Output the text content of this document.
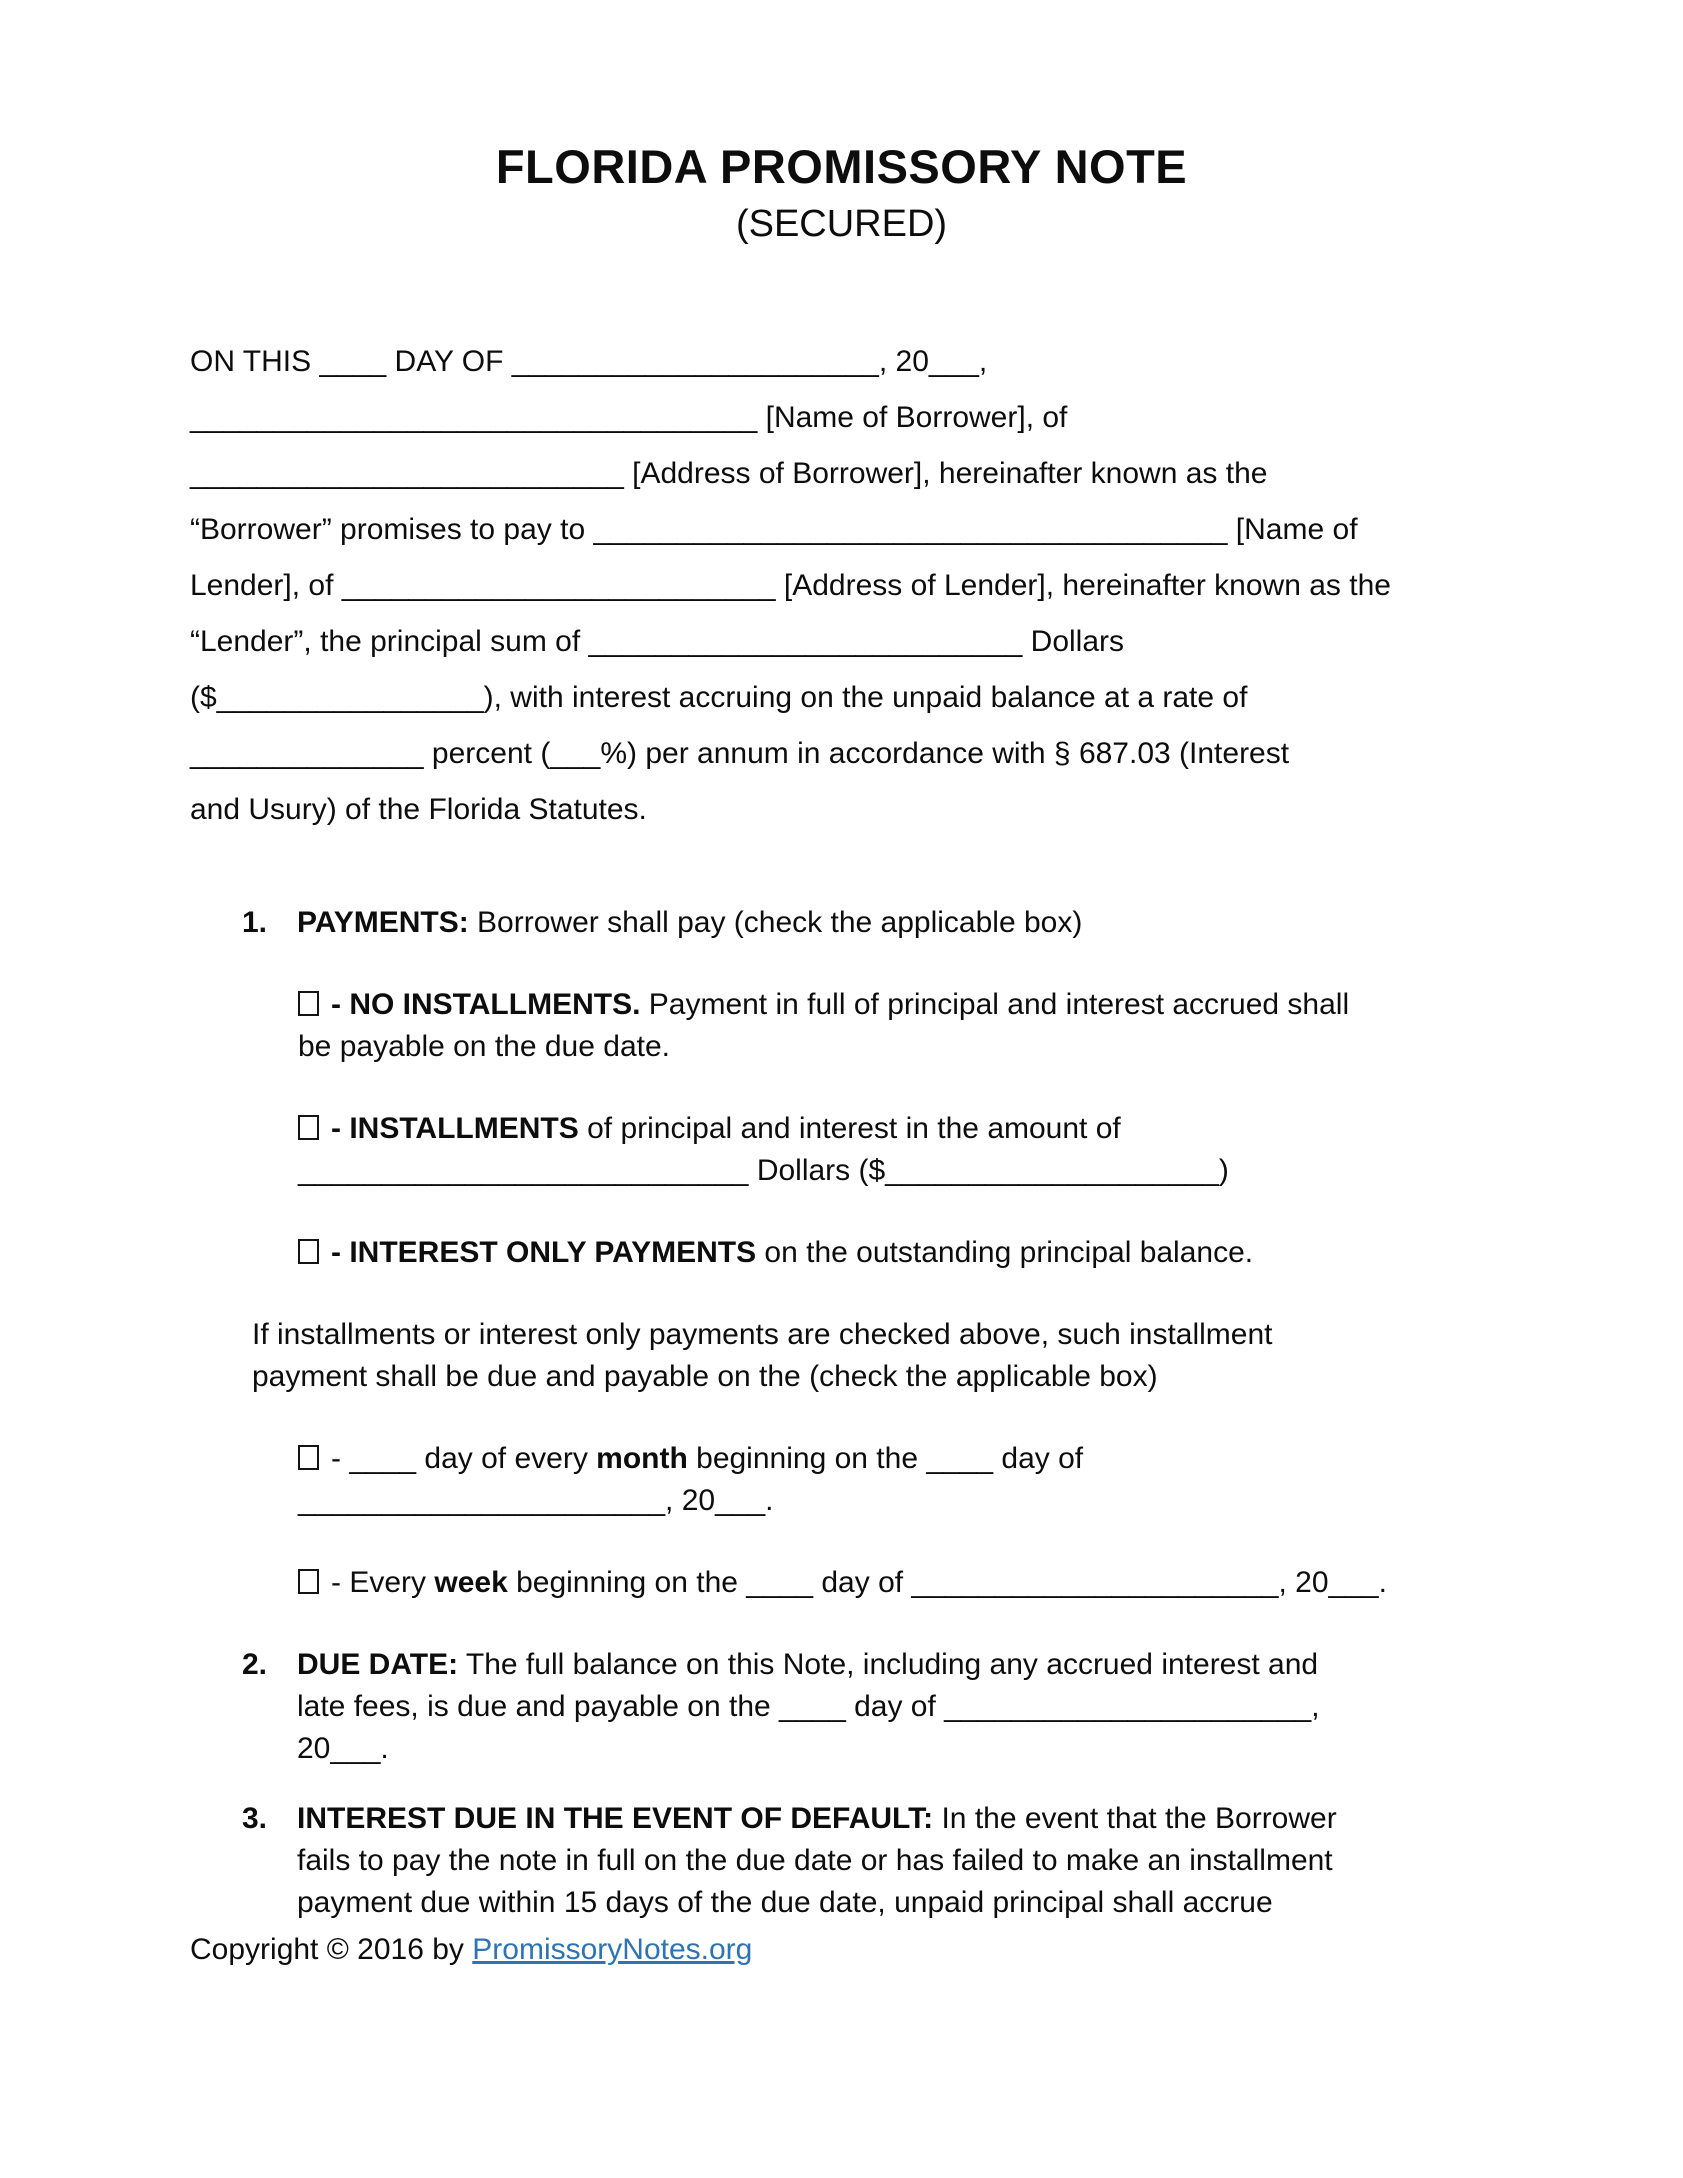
FLORIDA PROMISSORY NOTE
(SECURED)
ON THIS ____ DAY OF ______________________, 20___,
__________________________________ [Name of Borrower], of
__________________________ [Address of Borrower], hereinafter known as the
“Borrower” promises to pay to ______________________________________ [Name of
Lender], of __________________________ [Address of Lender], hereinafter known as the
“Lender”, the principal sum of __________________________ Dollars
($________________), with interest accruing on the unpaid balance at a rate of
______________ percent (___%) per annum in accordance with § 687.03 (Interest
and Usury) of the Florida Statutes.
1. PAYMENTS: Borrower shall pay (check the applicable box)
- NO INSTALLMENTS. Payment in full of principal and interest accrued shall
be payable on the due date.
- INSTALLMENTS of principal and interest in the amount of
___________________________ Dollars ($____________________)
- INTEREST ONLY PAYMENTS on the outstanding principal balance.
If installments or interest only payments are checked above, such installment
payment shall be due and payable on the (check the applicable box)
- ____ day of every month beginning on the ____ day of
______________________, 20___.
- Every week beginning on the ____ day of ______________________, 20___.
2. DUE DATE: The full balance on this Note, including any accrued interest and
late fees, is due and payable on the ____ day of ______________________,
20___.
3. INTEREST DUE IN THE EVENT OF DEFAULT: In the event that the Borrower
fails to pay the note in full on the due date or has failed to make an installment
payment due within 15 days of the due date, unpaid principal shall accrue
Copyright © 2016 by PromissoryNotes.org
